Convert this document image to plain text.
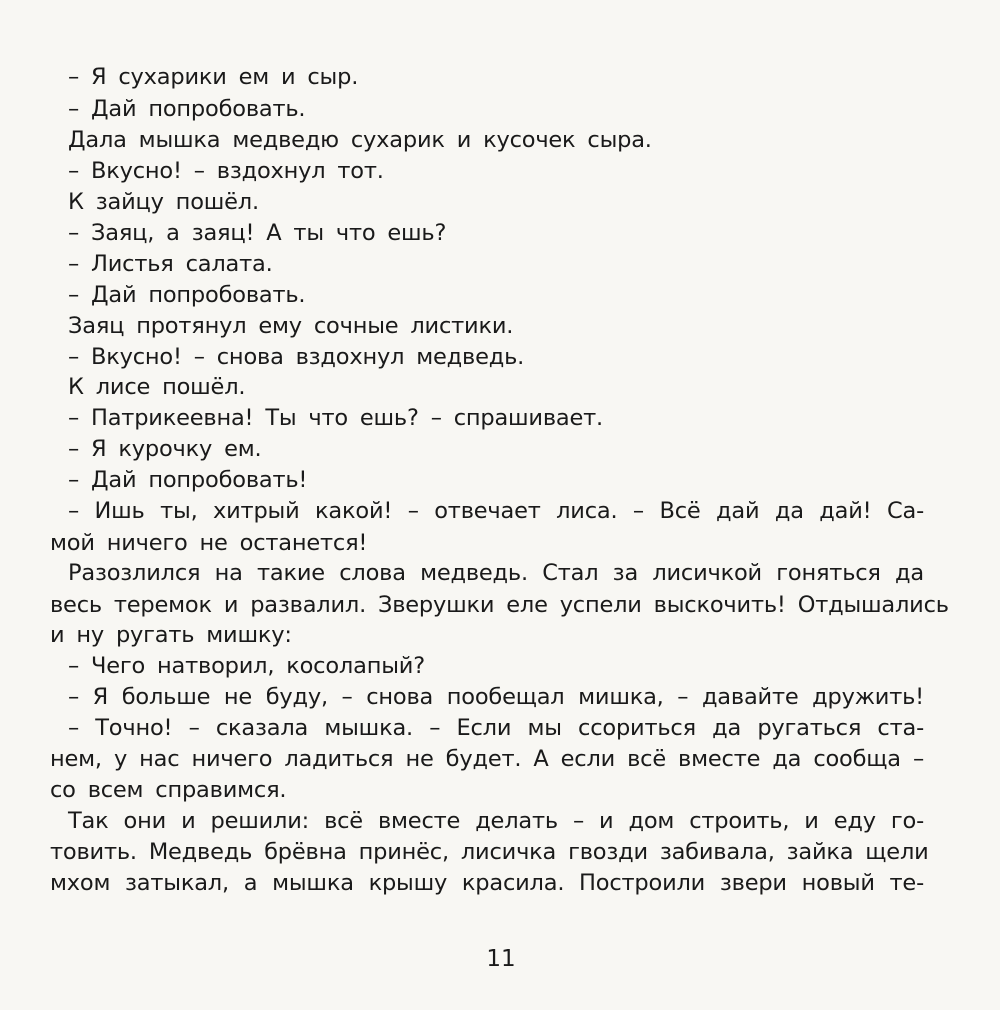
– Я сухарики ем и сыр.
– Дай попробовать.
Дала мышка медведю сухарик и кусочек сыра.
– Вкусно! – вздохнул тот.
К зайцу пошёл.
– Заяц, а заяц! А ты что ешь?
– Листья салата.
– Дай попробовать.
Заяц протянул ему сочные листики.
– Вкусно! – снова вздохнул медведь.
К лисе пошёл.
– Патрикеевна! Ты что ешь? – спрашивает.
– Я курочку ем.
– Дай попробовать!
– Ишь ты, хитрый какой! – отвечает лиса. – Всё дай да дай! Са-
мой ничего не останется!
Разозлился на такие слова медведь. Стал за лисичкой гоняться да
весь теремок и развалил. Зверушки еле успели выскочить! Отдышались
и ну ругать мишку:
– Чего натворил, косолапый?
– Я больше не буду, – снова пообещал мишка, – давайте дружить!
– Точно! – сказала мышка. – Если мы ссориться да ругаться ста-
нем, у нас ничего ладиться не будет. А если всё вместе да сообща –
со всем справимся.
Так они и решили: всё вместе делать – и дом строить, и еду го-
товить. Медведь брёвна принёс, лисичка гвозди забивала, зайка щели
мхом затыкал, а мышка крышу красила. Построили звери новый те-
11
